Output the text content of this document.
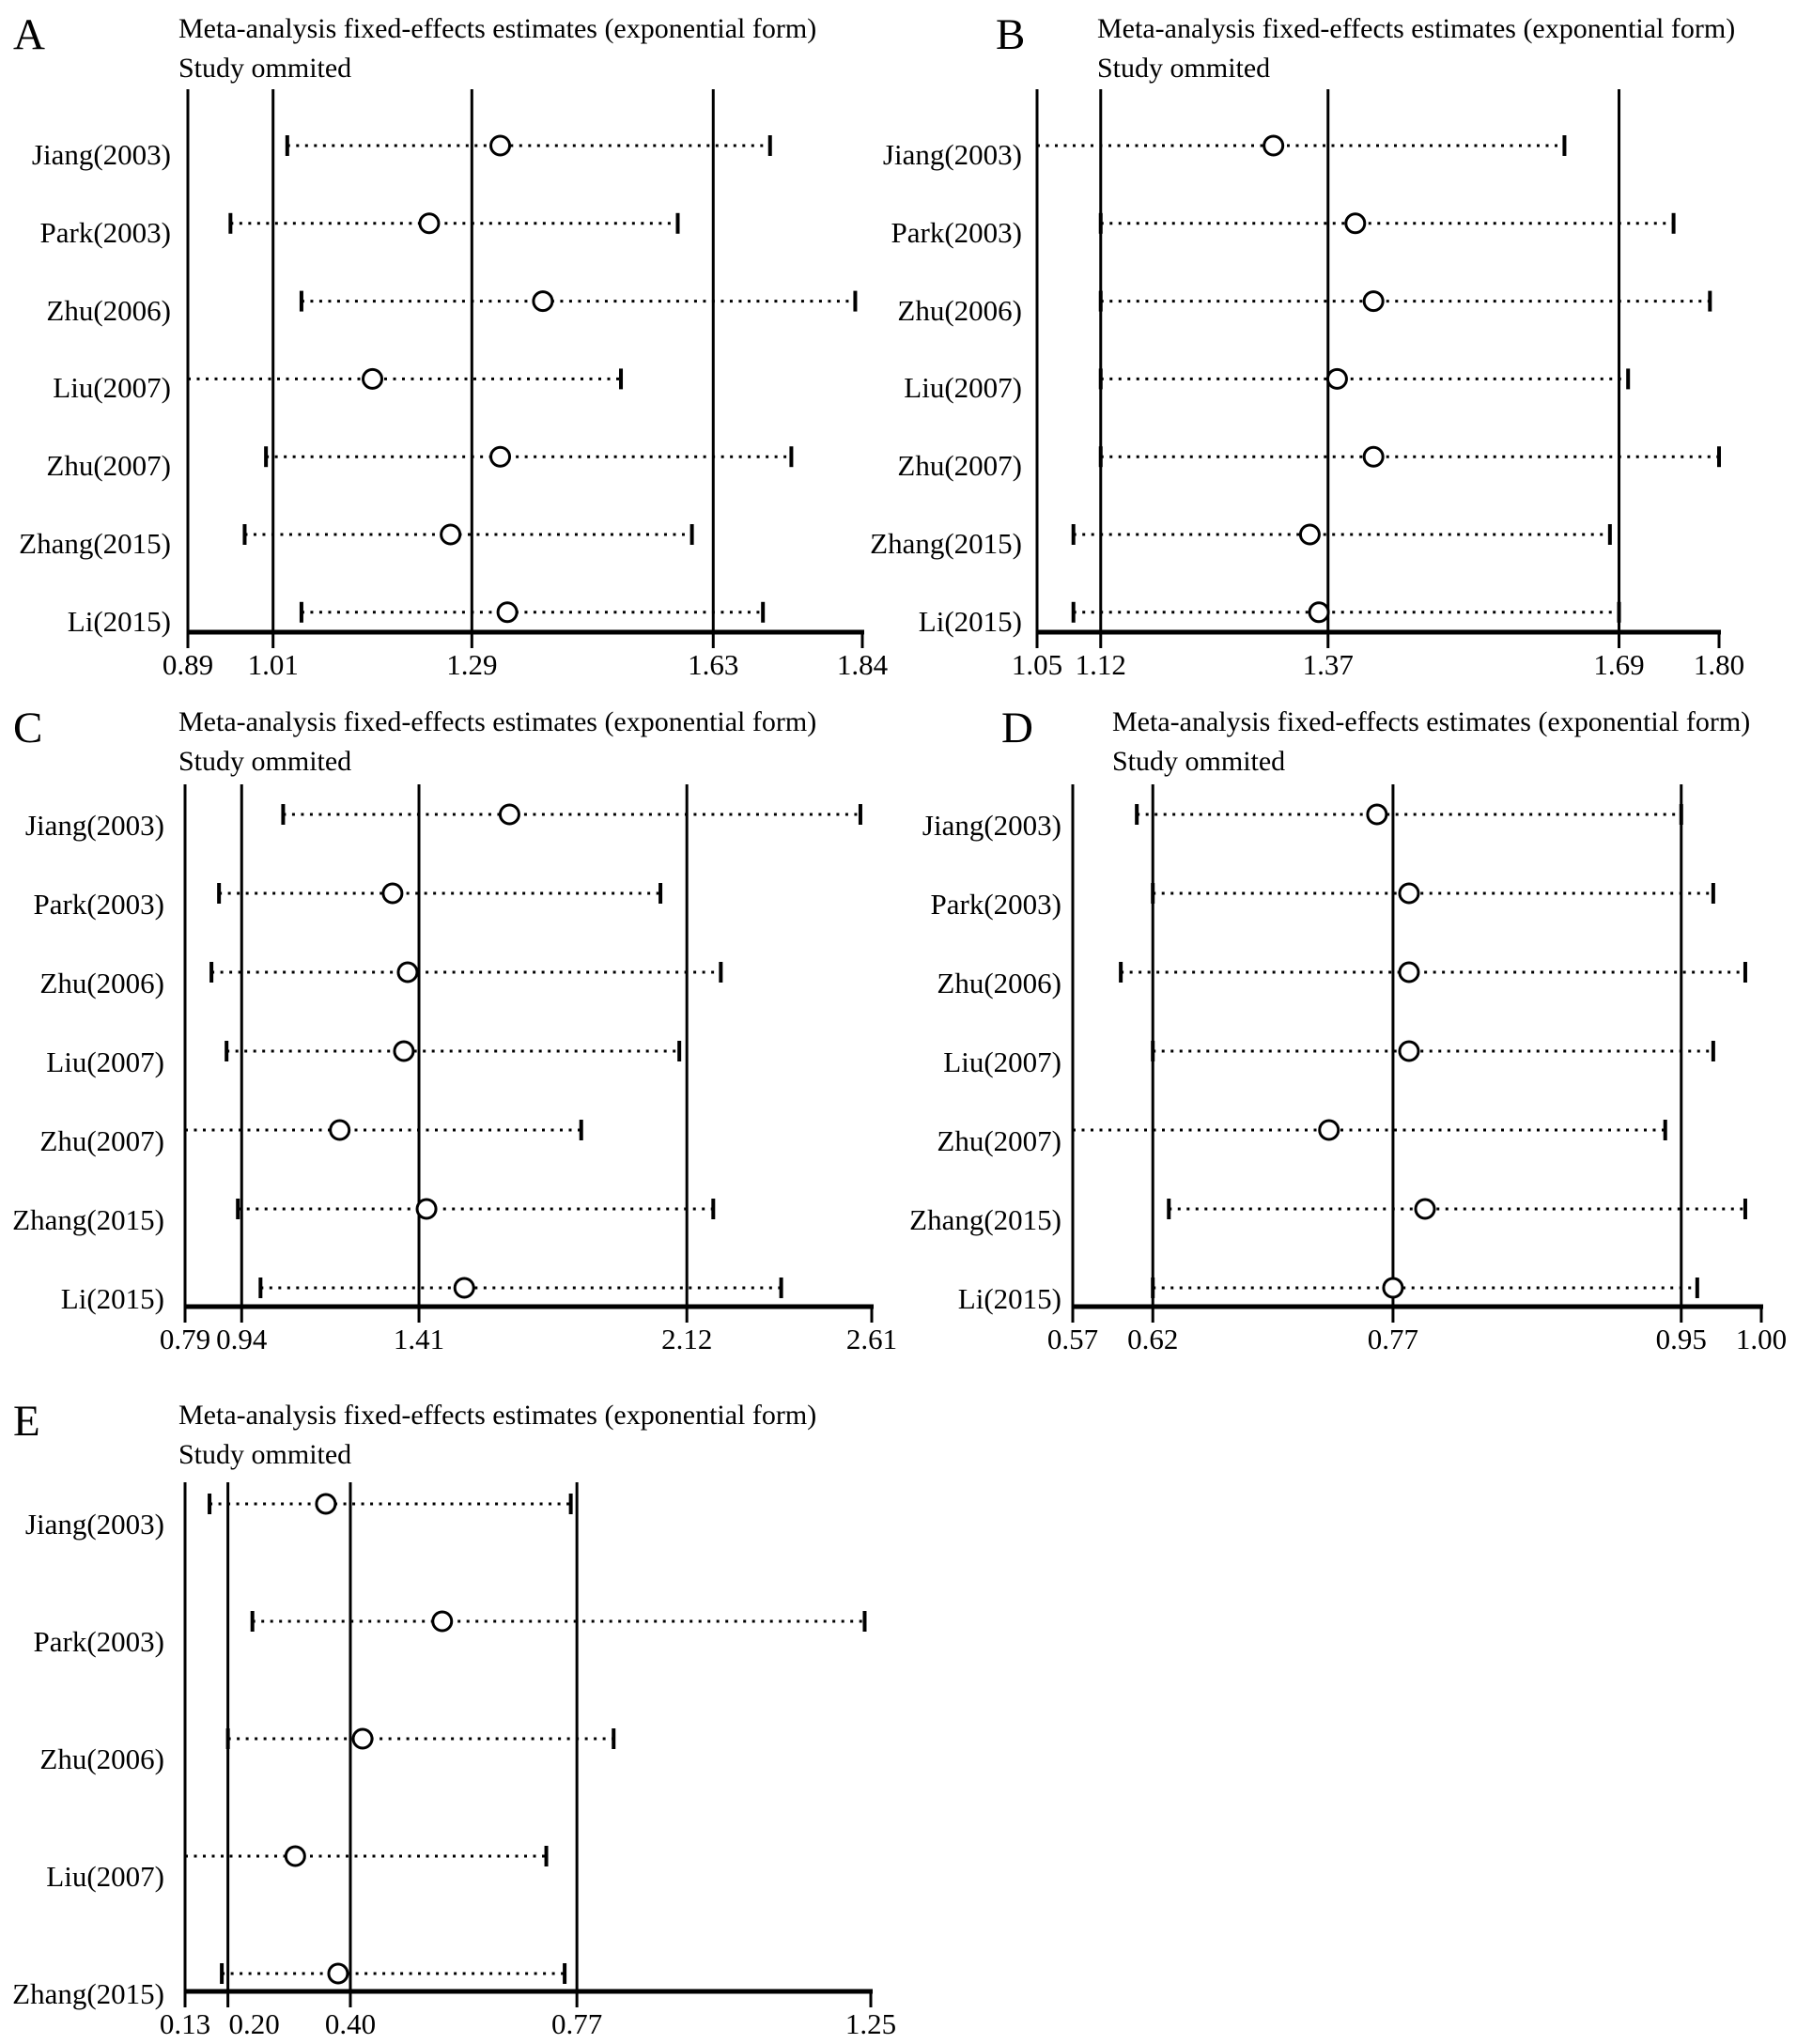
A	Meta-analysis fixed-effects estimates (exponential form)
Study ommited
B	Meta-analysis fixed-effects estimates (exponential form)
Study ommited
C	Meta-analysis fixed-effects estimates (exponential form)
Study ommited
D	Meta-analysis fixed-effects estimates (exponential form)
Study ommited
E	Meta-analysis fixed-effects estimates (exponential form)
Study ommited
Jiang(2003)
Park(2003)
Zhu(2006)
Liu(2007)
Zhu(2007)
Zhang(2015)
Li(2015)
0.89	1.01	1.29	1.63	1.84
Jiang(2003)
Park(2003)
Zhu(2006)
Liu(2007)
Zhu(2007)
Zhang(2015)
Li(2015)
1.05 1.12	1.37	1.69	1.80
Jiang(2003)
Park(2003)
Zhu(2006)
Liu(2007)
Zhu(2007)
Zhang(2015)
Li(2015)
0.79 0.94	1.41	2.12	2.61
Jiang(2003)
Park(2003)
Zhu(2006)
Liu(2007)
Zhu(2007)
Zhang(2015)
Li(2015)
0.57 0.62	0.77	0.95 1.00
Jiang(2003)
Park(2003)
Zhu(2006)
Liu(2007)
Zhang(2015)
0.13 0.20	0.40	0.77	1.25
